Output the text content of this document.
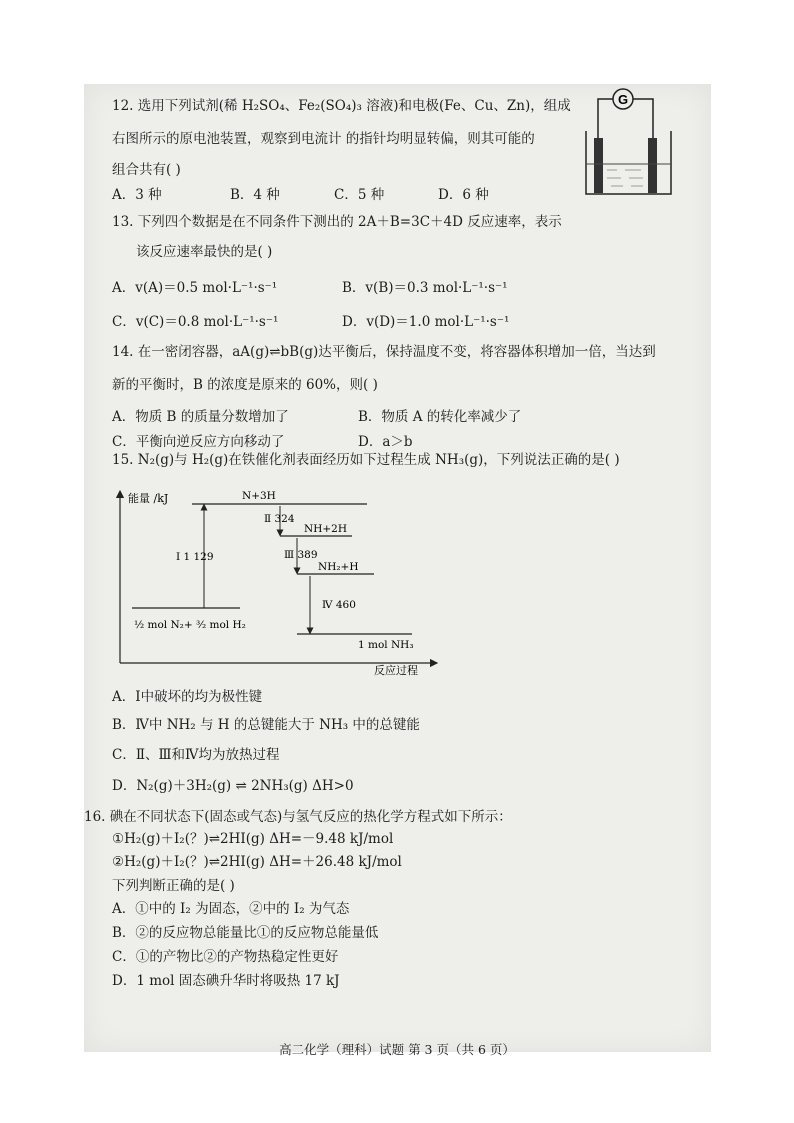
12. 选用下列试剂(稀 H₂SO₄、Fe₂(SO₄)₃ 溶液)和电极(Fe、Cu、Zn)，组成
右图所示的原电池装置，观察到电流计 的指针均明显转偏，则其可能的
组合共有( )
A．3 种	B．4 种	C．5 种	D．6 种
G
13. 下列四个数据是在不同条件下测出的 2A＋B=3C＋4D 反应速率，表示
该反应速率最快的是( )
A．v(A)＝0.5 mol·L⁻¹·s⁻¹	B．v(B)＝0.3 mol·L⁻¹·s⁻¹
C．v(C)＝0.8 mol·L⁻¹·s⁻¹	D．v(D)＝1.0 mol·L⁻¹·s⁻¹
14. 在一密闭容器，aA(g)⇌bB(g)达平衡后，保持温度不变，将容器体积增加一倍，当达到
新的平衡时，B 的浓度是原来的 60%，则( )
A．物质 B 的质量分数增加了	B．物质 A 的转化率减少了
C．平衡向逆反应方向移动了	D．a＞b
15. N₂(g)与 H₂(g)在铁催化剂表面经历如下过程生成 NH₃(g)，下列说法正确的是( )
能量 /kJ
反应过程
N+3H
NH+2H
NH₂+H
½ mol N₂+ ³⁄₂ mol H₂
1 mol NH₃
Ⅰ 1 129
Ⅱ 324
Ⅲ 389
Ⅳ 460
A．Ⅰ中破坏的均为极性键
B．Ⅳ中 NH₂ 与 H 的总键能大于 NH₃ 中的总键能
C．Ⅱ、Ⅲ和Ⅳ均为放热过程
D．N₂(g)＋3H₂(g) ⇌ 2NH₃(g) ΔH>0
16. 碘在不同状态下(固态或气态)与氢气反应的热化学方程式如下所示：
①H₂(g)＋I₂(？)⇌2HI(g) ΔH=－9.48 kJ/mol
②H₂(g)＋I₂(？)⇌2HI(g) ΔH=＋26.48 kJ/mol
下列判断正确的是( )
A．①中的 I₂ 为固态，②中的 I₂ 为气态
B．②的反应物总能量比①的反应物总能量低
C．①的产物比②的产物热稳定性更好
D．1 mol 固态碘升华时将吸热 17 kJ
高二化学（理科）试题 第 3 页（共 6 页）
